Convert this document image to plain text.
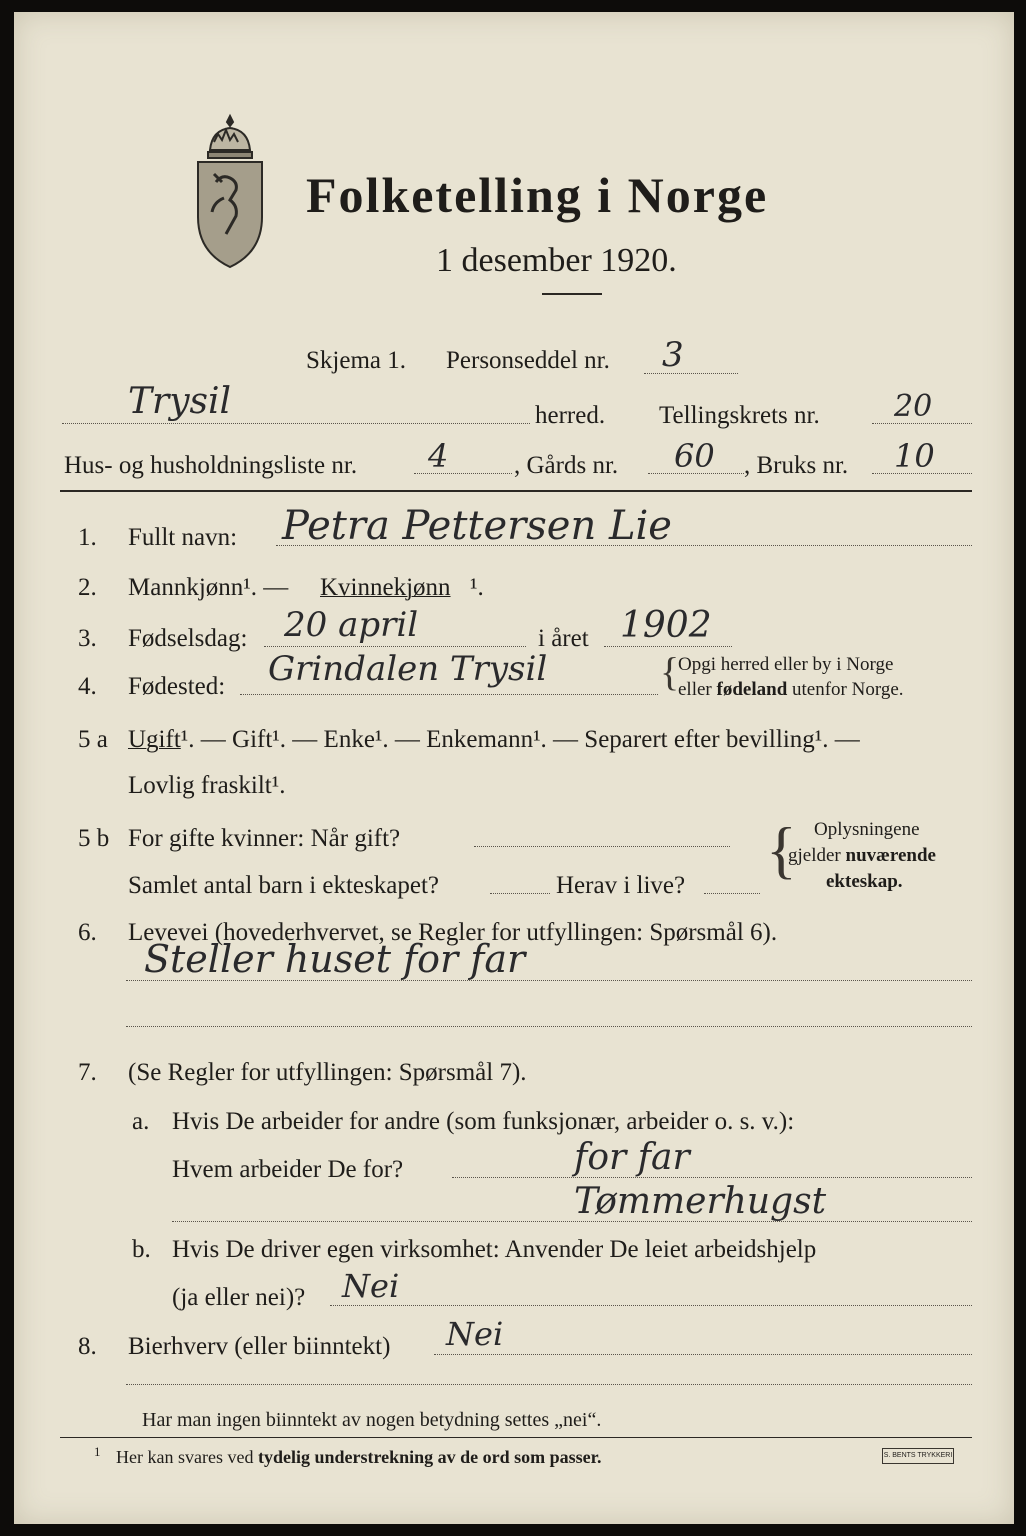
Folketelling i Norge
1 desember 1920.
Skjema 1. Personseddel nr. 3
Trysil	herred. Tellingskrets nr. 20
Hus- og husholdningsliste nr. 4	, Gårds nr. 60 , Bruks nr. 10
1. Fullt navn: Petra Pettersen Lie
2. Mannkjønn¹. — Kvinnekjønn ¹.
3. Fødselsdag: 20 april	i året 1902
4. Fødested: Grindalen Trysil	{
Opgi herred eller by i Norge
eller fødeland utenfor Norge.
5 a Ugift¹. — Gift¹. — Enke¹. — Enkemann¹. — Separert efter bevilling¹. —
Lovlig fraskilt¹.
5 b For gifte kvinner: Når gift?
Samlet antal barn i ekteskapet?	Herav i live?
{ Oplysningene
gjelder nuværende
ekteskap.
6. Levevei (hovederhvervet, se Regler for utfyllingen: Spørsmål 6).
Steller huset for far
7. (Se Regler for utfyllingen: Spørsmål 7).
a. Hvis De arbeider for andre (som funksjonær, arbeider o. s. v.):
Hvem arbeider De for?	for far
Tømmerhugst
b. Hvis De driver egen virksomhet: Anvender De leiet arbeidshjelp
(ja eller nei)? Nei
8. Bierhverv (eller biinntekt) Nei
Har man ingen biinntekt av nogen betydning settes „nei“.
1 Her kan svares ved tydelig understrekning av de ord som passer.	S. BENTS TRYKKERI
